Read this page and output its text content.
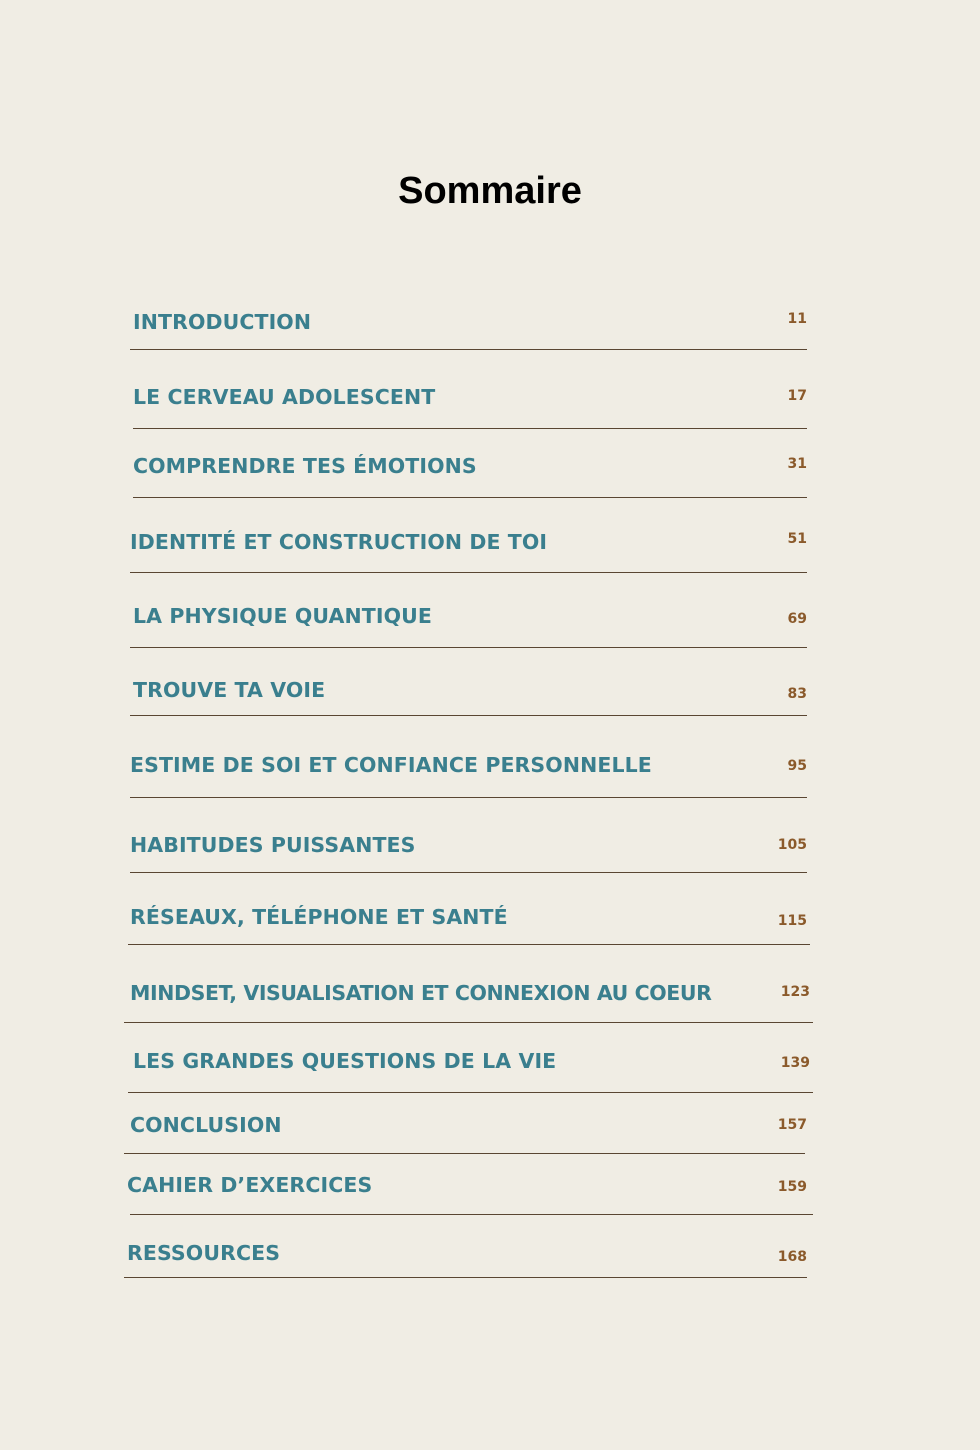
Sommaire
INTRODUCTION	11
LE CERVEAU ADOLESCENT	17
COMPRENDRE TES ÉMOTIONS	31
IDENTITÉ ET CONSTRUCTION DE TOI	51
LA PHYSIQUE QUANTIQUE	69
TROUVE TA VOIE	83
ESTIME DE SOI ET CONFIANCE PERSONNELLE	95
HABITUDES PUISSANTES	105
RÉSEAUX, TÉLÉPHONE ET SANTÉ	115
MINDSET, VISUALISATION ET CONNEXION AU COEUR	123
LES GRANDES QUESTIONS DE LA VIE	139
CONCLUSION	157
CAHIER D’EXERCICES	159
RESSOURCES	168
